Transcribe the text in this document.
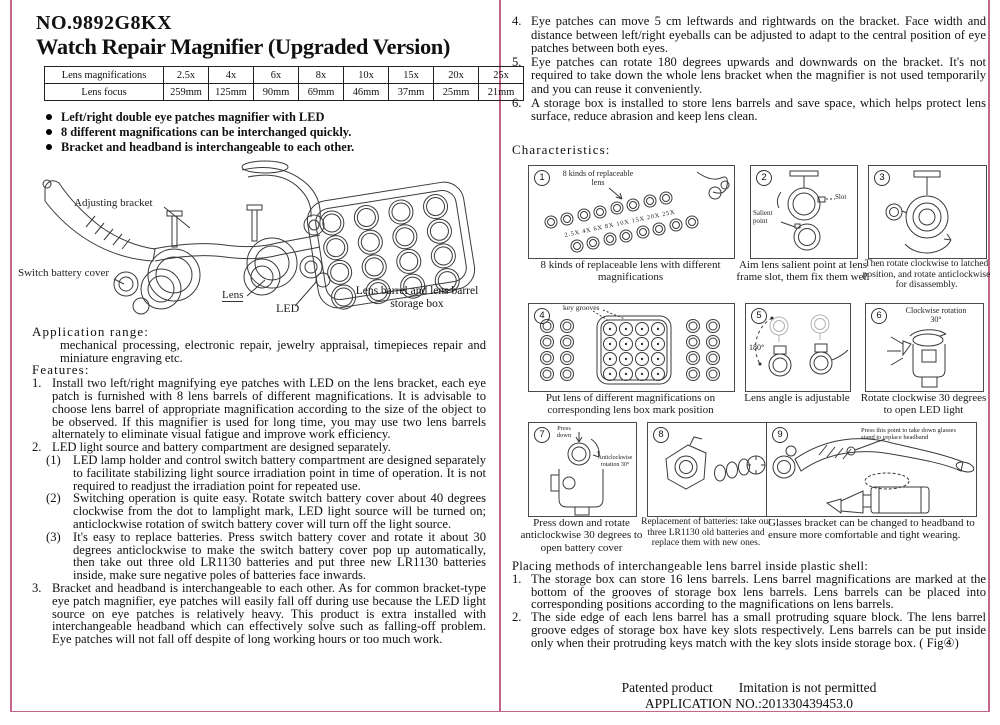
NO.9892G8KX
Watch Repair Magnifier (Upgraded Version)
Lens magnifications	2.5x	4x	6x	8x	10x	15x	20x	25x
Lens focus	259mm	125mm	90mm	69mm	46mm	37mm	25mm	21mm
Left/right double eye patches magnifier with LED
8 different magnifications can be interchanged quickly.
Bracket and headband is interchangeable to each other.
Adjusting bracket
Switch battery cover
Lens
LED
Lens barrel and lens barrel storage box
Application range:
mechanical processing, electronic repair, jewelry appraisal, timepieces repair and miniature engraving etc.
Features:
1. Install two left/right magnifying eye patches with LED on the lens bracket, each eye patch is furnished with 8 lens barrels of different magnifications. It is advisable to choose lens barrel of appropriate magnification according to the size of the object to be observed. If this magnifier is used for long time, you may use two lens barrels alternately to eliminate visual fatigue and improve work efficiency.
2. LED light source and battery compartment are designed separately.
(1) LED lamp holder and control switch battery compartment are designed separately to facilitate stabilizing light source irradiation point in time of operation. It is not required to readjust the irradiation point for repeated use.
(2) Switching operation is quite easy. Rotate switch battery cover about 40 degrees clockwise from the dot to lamplight mark, LED light source will be turned on; anticlockwise rotation of switch battery cover will turn off the light source.
(3) It's easy to replace batteries. Press switch battery cover and rotate it about 30 degrees anticlockwise to make the switch battery cover pop up automatically, then take out three old LR1130 batteries and put three new LR1130 batteries inside, make sure negative poles of batteries face inwards.
3. Bracket and headband is interchangeable to each other. As for common bracket-type eye patch magnifier, eye patches will easily fall off during use because the LED light source on eye patches is relatively heavy. This product is extra installed with interchangeable headband which can effectively solve such as falling-off problem. Eye patches will not fall off despite of long working hours or too much work.
4. Eye patches can move 5 cm leftwards and rightwards on the bracket. Face width and distance between left/right eyeballs can be adjusted to adapt to the central position of eye patches between both eyes.
5. Eye patches can rotate 180 degrees upwards and downwards on the bracket. It's not required to take down the whole lens bracket when the magnifier is not used temporarily and you can reuse it conveniently.
6. A storage box is installed to store lens barrels and save space, which helps protect lens surface, reduce abrasion and keep lens clean.
Characteristics:
1
2.5X 4X 6X 8X 10X 15X 20X 25X
8 kinds of replaceable lens
8 kinds of replaceable lens with different magnifications
2
Slot
Salient point
Aim lens salient point at lens frame slot, them fix them well
3
Then rotate clockwise to latched position, and rotate anticlockwise for disassembly.
4
key grooves
Put lens of different magnifications on corresponding lens box mark position
5
180°
Lens angle is adjustable
6	Clockwise rotation 30°
Rotate clockwise 30 degrees to open LED light
7
Press down
Anticlockwise rotation 30°
Press down and rotate anticlockwise 30 degrees to open battery cover
8
Replacement of batteries: take out three LR1130 old batteries and replace them with new ones.
9	Press this point to take down glasses stand to replace headband
Glasses bracket can be changed to headband to ensure more comfortable and tight wearing.
Placing methods of interchangeable lens barrel inside plastic shell:
1. The storage box can store 16 lens barrels. Lens barrel magnifications are marked at the bottom of the grooves of storage box lens barrels. Lens barrels can be placed into corresponding positions according to the magnifications on lens barrels.
2. The side edge of each lens barrel has a small protruding square block. The lens barrel groove edges of storage box have key slots respectively. Lens barrels can be put inside only when their protruding keys match with the key slots inside storage box. ( Fig④)
Patented product Imitation is not permitted
APPLICATION NO.:201330439453.0
